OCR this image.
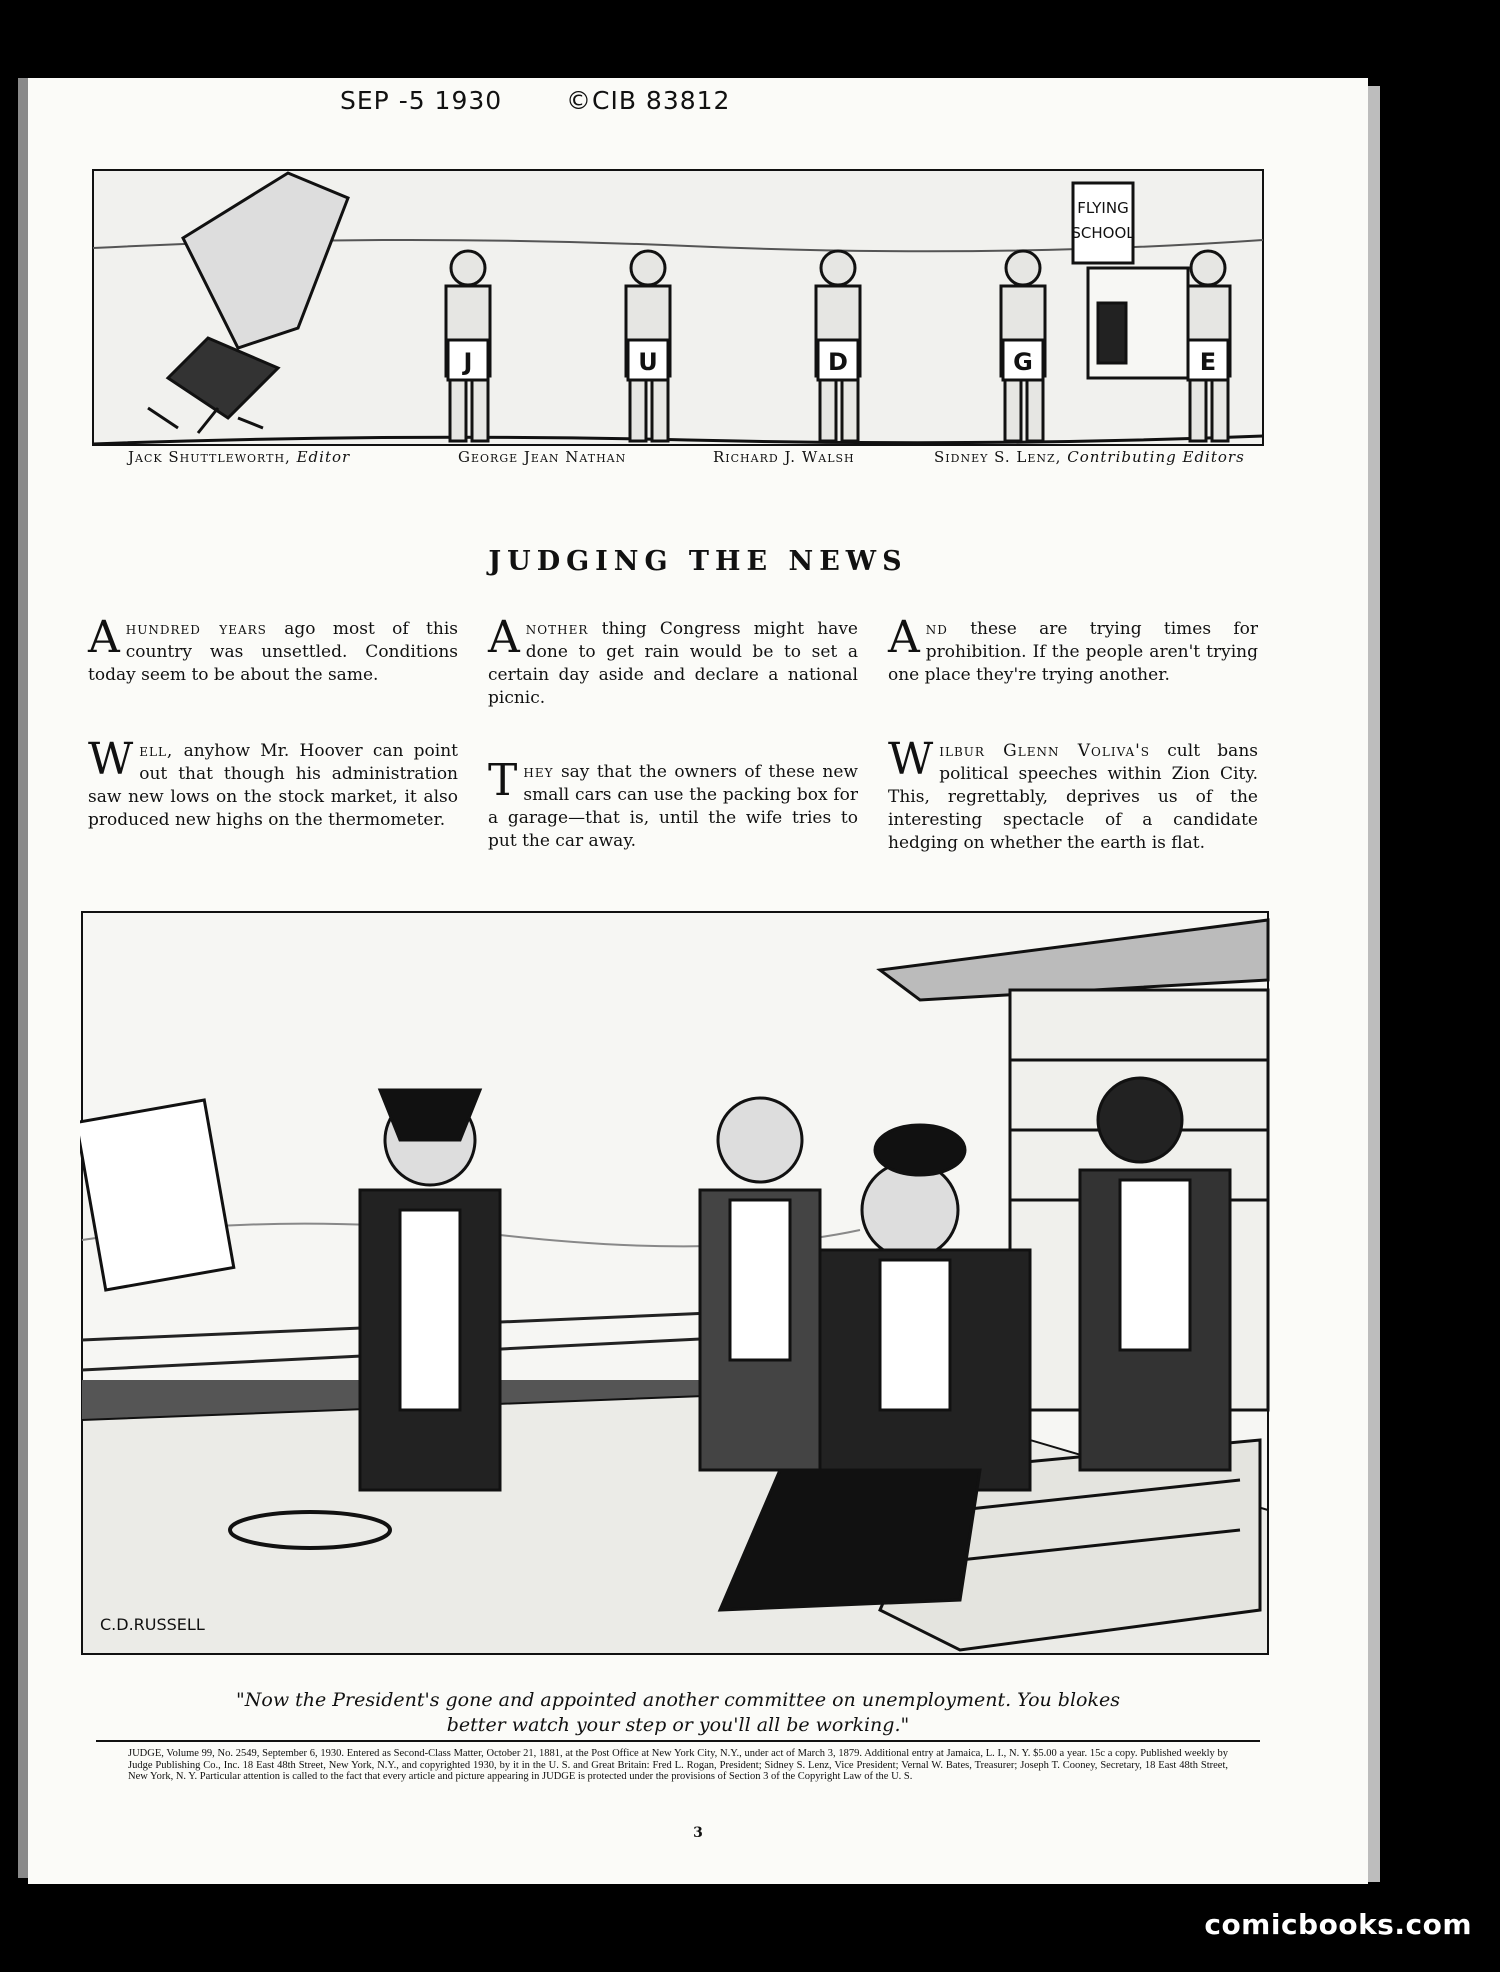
SEP -5 1930	©CIB 83812
J	U	D	G	E
FLYING
SCHOOL
Jack Shuttleworth, Editor	George Jean Nathan	Richard J. Walsh	Sidney S. Lenz, Contributing Editors
JUDGING THE NEWS

Ahundred years ago most of this country was unsettled. Conditions today seem to be about the same.

Another thing Congress might have done to get rain would be to set a certain day aside and declare a national picnic.

And these are trying times for prohibition. If the people aren't trying one place they're trying another.

Well, anyhow Mr. Hoover can point out that though his administration saw new lows on the stock market, it also produced new highs on the thermometer.

They say that the owners of these new small cars can use the packing box for a garage—that is, until the wife tries to put the car away.

Wilbur Glenn Voliva's cult bans political speeches within Zion City. This, regrettably, deprives us of the interesting spectacle of a candidate hedging on whether the earth is flat.

C.D.RUSSELL

"Now the President's gone and appointed another committee on unemployment. You blokes better watch your step or you'll all be working."

JUDGE, Volume 99, No. 2549, September 6, 1930. Entered as Second-Class Matter, October 21, 1881, at the Post Office at New York City, N.Y., under act of March 3, 1879. Additional entry at Jamaica, L. I., N. Y. $5.00 a year. 15c a copy. Published weekly by Judge Publishing Co., Inc. 18 East 48th Street, New York, N.Y., and copyrighted 1930, by it in the U. S. and Great Britain: Fred L. Rogan, President; Sidney S. Lenz, Vice President; Vernal W. Bates, Treasurer; Joseph T. Cooney, Secretary, 18 East 48th Street, New York, N. Y. Particular attention is called to the fact that every article and picture appearing in JUDGE is protected under the provisions of Section 3 of the Copyright Law of the U. S.

3
comicbooks.com
